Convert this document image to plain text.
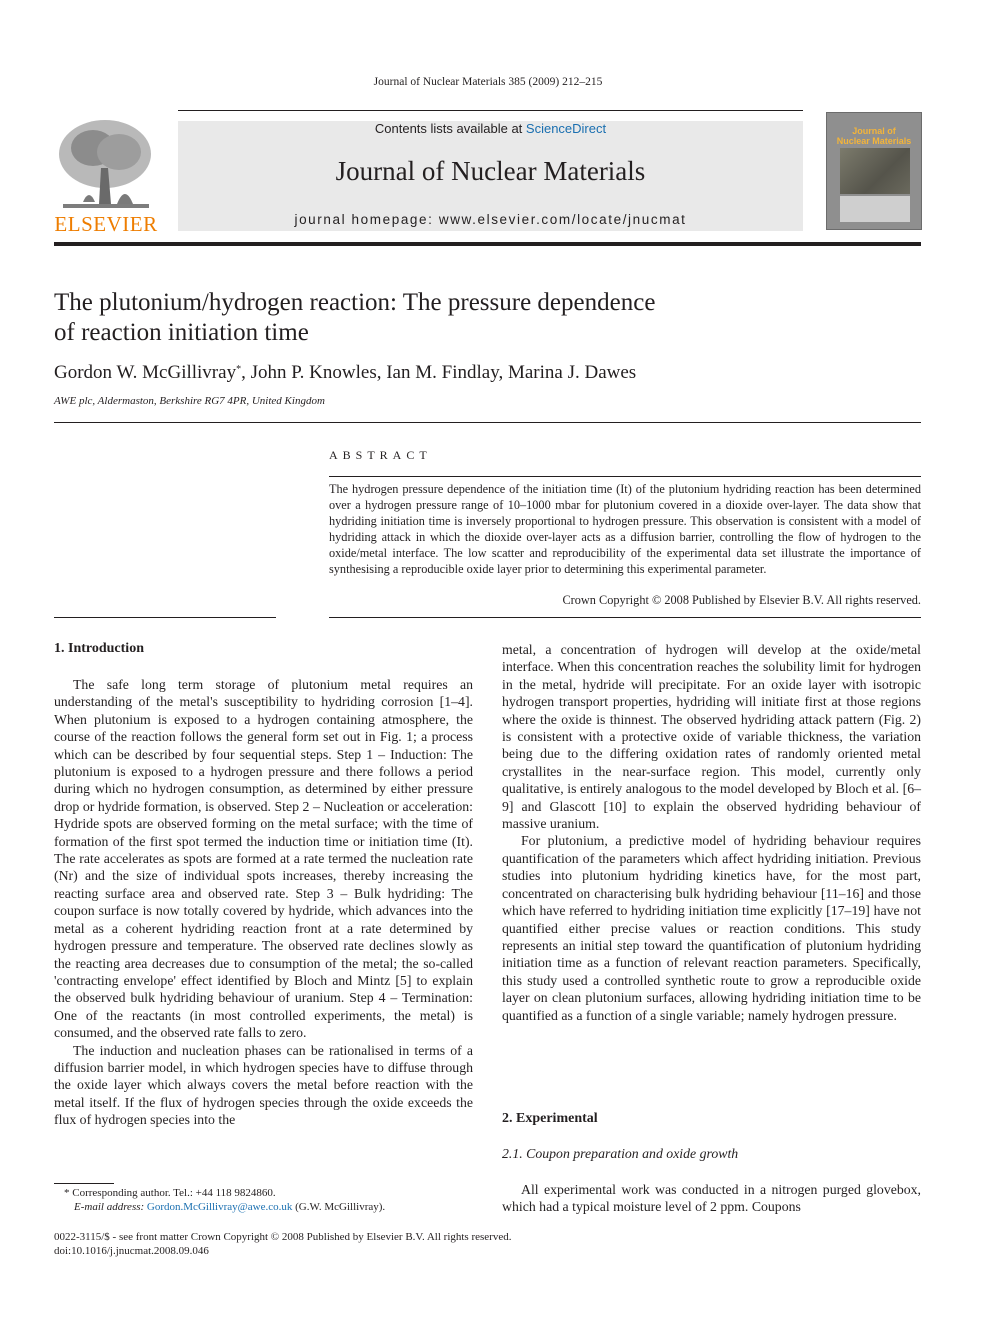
Journal of Nuclear Materials 385 (2009) 212–215
ELSEVIER
Contents lists available at ScienceDirect
Journal of Nuclear Materials
journal homepage: www.elsevier.com/locate/jnucmat
Journal of
Nuclear Materials
The plutonium/hydrogen reaction: The pressure dependence
of reaction initiation time
Gordon W. McGillivray*, John P. Knowles, Ian M. Findlay, Marina J. Dawes
AWE plc, Aldermaston, Berkshire RG7 4PR, United Kingdom
ABSTRACT
The hydrogen pressure dependence of the initiation time (It) of the plutonium hydriding reaction has been determined over a hydrogen pressure range of 10–1000 mbar for plutonium covered in a dioxide over-layer. The data show that hydriding initiation time is inversely proportional to hydrogen pressure. This observation is consistent with a model of hydriding attack in which the dioxide over-layer acts as a diffusion barrier, controlling the flow of hydrogen to the oxide/metal interface. The low scatter and reproducibility of the experimental data set illustrate the importance of synthesising a reproducible oxide layer prior to determining this experimental parameter.
Crown Copyright © 2008 Published by Elsevier B.V. All rights reserved.
1. Introduction

The safe long term storage of plutonium metal requires an understanding of the metal's susceptibility to hydriding corrosion [1–4]. When plutonium is exposed to a hydrogen containing atmosphere, the course of the reaction follows the general form set out in Fig. 1; a process which can be described by four sequential steps. Step 1 – Induction: The plutonium is exposed to a hydrogen pressure and there follows a period during which no hydrogen consumption, as determined by either pressure drop or hydride formation, is observed. Step 2 – Nucleation or acceleration: Hydride spots are observed forming on the metal surface; with the time of formation of the first spot termed the induction time or initiation time (It). The rate accelerates as spots are formed at a rate termed the nucleation rate (Nr) and the size of individual spots increases, thereby increasing the reacting surface area and observed rate. Step 3 – Bulk hydriding: The coupon surface is now totally covered by hydride, which advances into the metal as a coherent hydriding reaction front at a rate determined by hydrogen pressure and temperature. The observed rate declines slowly as the reacting area decreases due to consumption of the metal; the so-called 'contracting envelope' effect identified by Bloch and Mintz [5] to explain the observed bulk hydriding behaviour of uranium. Step 4 – Termination: One of the reactants (in most controlled experiments, the metal) is consumed, and the observed rate falls to zero.

The induction and nucleation phases can be rationalised in terms of a diffusion barrier model, in which hydrogen species have to diffuse through the oxide layer which always covers the metal before reaction with the metal itself. If the flux of hydrogen species through the oxide exceeds the flux of hydrogen species into the

metal, a concentration of hydrogen will develop at the oxide/metal interface. When this concentration reaches the solubility limit for hydrogen in the metal, hydride will precipitate. For an oxide layer with isotropic hydrogen transport properties, hydriding will initiate first at those regions where the oxide is thinnest. The observed hydriding attack pattern (Fig. 2) is consistent with a protective oxide of variable thickness, the variation being due to the differing oxidation rates of randomly oriented metal crystallites in the near-surface region. This model, currently only qualitative, is entirely analogous to the model developed by Bloch et al. [6–9] and Glascott [10] to explain the observed hydriding behaviour of massive uranium.

For plutonium, a predictive model of hydriding behaviour requires quantification of the parameters which affect hydriding initiation. Previous studies into plutonium hydriding kinetics have, for the most part, concentrated on characterising bulk hydriding behaviour [11–16] and those which have referred to hydriding initiation time explicitly [17–19] have not quantified either precise values or reaction conditions. This study represents an initial step toward the quantification of plutonium hydriding initiation time as a function of relevant reaction parameters. Specifically, this study used a controlled synthetic route to grow a reproducible oxide layer on clean plutonium surfaces, allowing hydriding initiation time to be quantified as a function of a single variable; namely hydrogen pressure.

2. Experimental
2.1. Coupon preparation and oxide growth

All experimental work was conducted in a nitrogen purged glovebox, which had a typical moisture level of 2 ppm. Coupons

* Corresponding author. Tel.: +44 118 9824860.
E-mail address: Gordon.McGillivray@awe.co.uk (G.W. McGillivray).
0022-3115/$ - see front matter Crown Copyright © 2008 Published by Elsevier B.V. All rights reserved.
doi:10.1016/j.jnucmat.2008.09.046
